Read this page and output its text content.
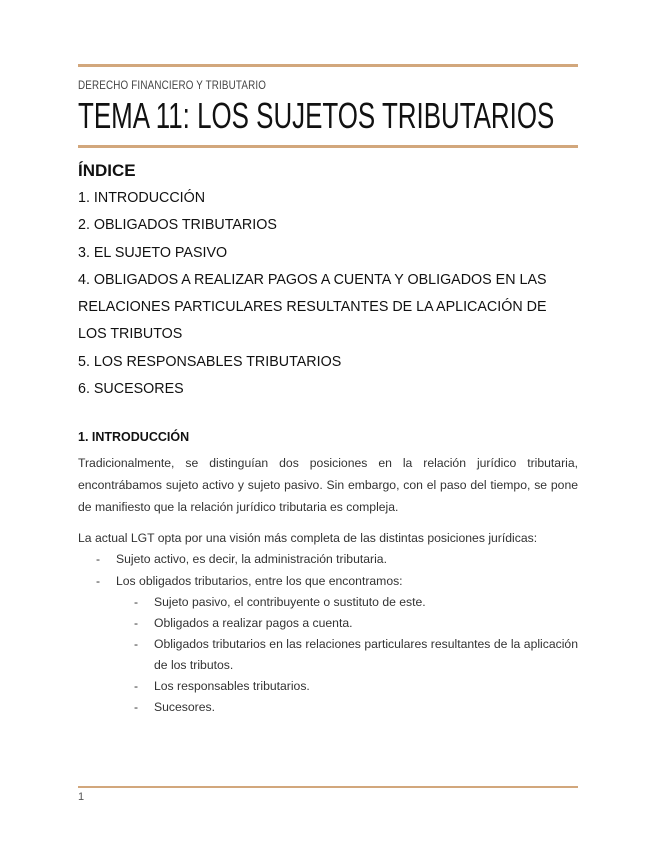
DERECHO FINANCIERO Y TRIBUTARIO
TEMA 11: LOS SUJETOS TRIBUTARIOS
ÍNDICE
1. INTRODUCCIÓN
2. OBLIGADOS TRIBUTARIOS
3. EL SUJETO PASIVO
4. OBLIGADOS A REALIZAR PAGOS A CUENTA Y OBLIGADOS EN LAS RELACIONES PARTICULARES RESULTANTES DE LA APLICACIÓN DE LOS TRIBUTOS
5. LOS RESPONSABLES TRIBUTARIOS
6. SUCESORES
1. INTRODUCCIÓN

Tradicionalmente, se distinguían dos posiciones en la relación jurídico tributaria, encontrábamos sujeto activo y sujeto pasivo. Sin embargo, con el paso del tiempo, se pone de manifiesto que la relación jurídico tributaria es compleja.

La actual LGT opta por una visión más completa de las distintas posiciones jurídicas:

- Sujeto activo, es decir, la administración tributaria.
- Los obligados tributarios, entre los que encontramos:
- Sujeto pasivo, el contribuyente o sustituto de este.
- Obligados a realizar pagos a cuenta.
- Obligados tributarios en las relaciones particulares resultantes de la aplicación de los tributos.
- Los responsables tributarios.
- Sucesores.
1
